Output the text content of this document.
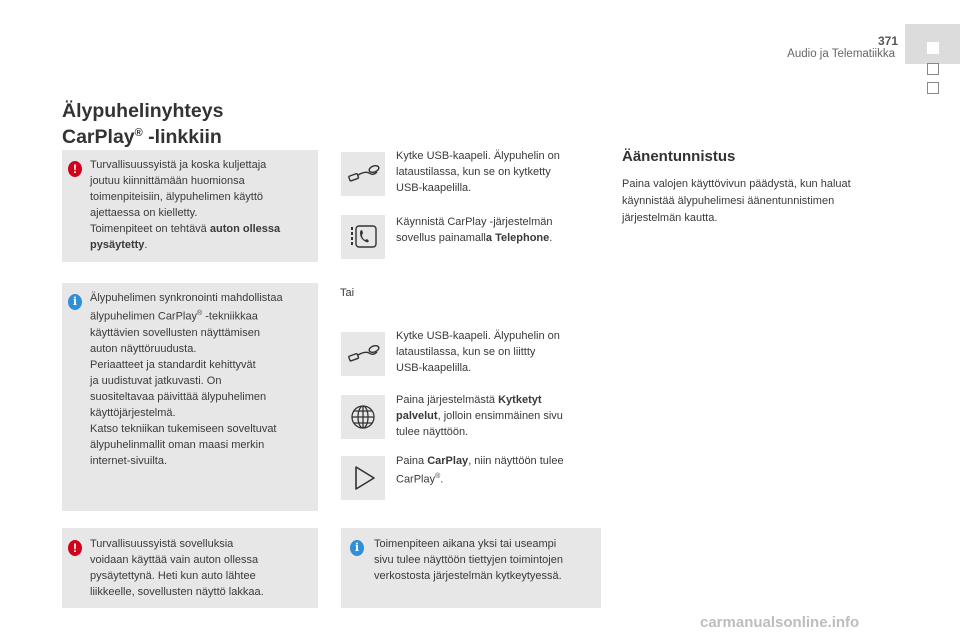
371
Audio ja Telematiikka
Älypuhelinyhteys
CarPlay® -linkkiin
!	Turvallisuussyistä ja koska kuljettaja
joutuu kiinnittämään huomionsa
toimenpiteisiin, älypuhelimen käyttö
ajettaessa on kielletty.
Toimenpiteet on tehtävä auton ollessa
pysäytetty.
i	Älypuhelimen synkronointi mahdollistaa
älypuhelimen CarPlay® -tekniikkaa
käyttävien sovellusten näyttämisen
auton näyttöruudusta.
Periaatteet ja standardit kehittyvät
ja uudistuvat jatkuvasti. On
suositeltavaa päivittää älypuhelimen
käyttöjärjestelmä.
Katso tekniikan tukemiseen soveltuvat
älypuhelinmallit oman maasi merkin
internet-sivuilta.
!	Turvallisuussyistä sovelluksia
voidaan käyttää vain auton ollessa
pysäytettynä. Heti kun auto lähtee
liikkeelle, sovellusten näyttö lakkaa.
Kytke USB-kaapeli. Älypuhelin on
lataustilassa, kun se on kytketty
USB-kaapelilla.
Käynnistä CarPlay -järjestelmän
sovellus painamalla Telephone.
Tai
Kytke USB-kaapeli. Älypuhelin on
lataustilassa, kun se on liittty
USB-kaapelilla.
Paina järjestelmästä Kytketyt
palvelut, jolloin ensimmäinen sivu
tulee näyttöön.
Paina CarPlay, niin näyttöön tulee
CarPlay®.
i	Toimenpiteen aikana yksi tai useampi
sivu tulee näyttöön tiettyjen toimintojen
verkostosta järjestelmän kytkeytyessä.
Äänentunnistus
Paina valojen käyttövivun päädystä, kun haluat
käynnistää älypuhelimesi äänentunnistimen
järjestelmän kautta.
carmanualsonline.info
